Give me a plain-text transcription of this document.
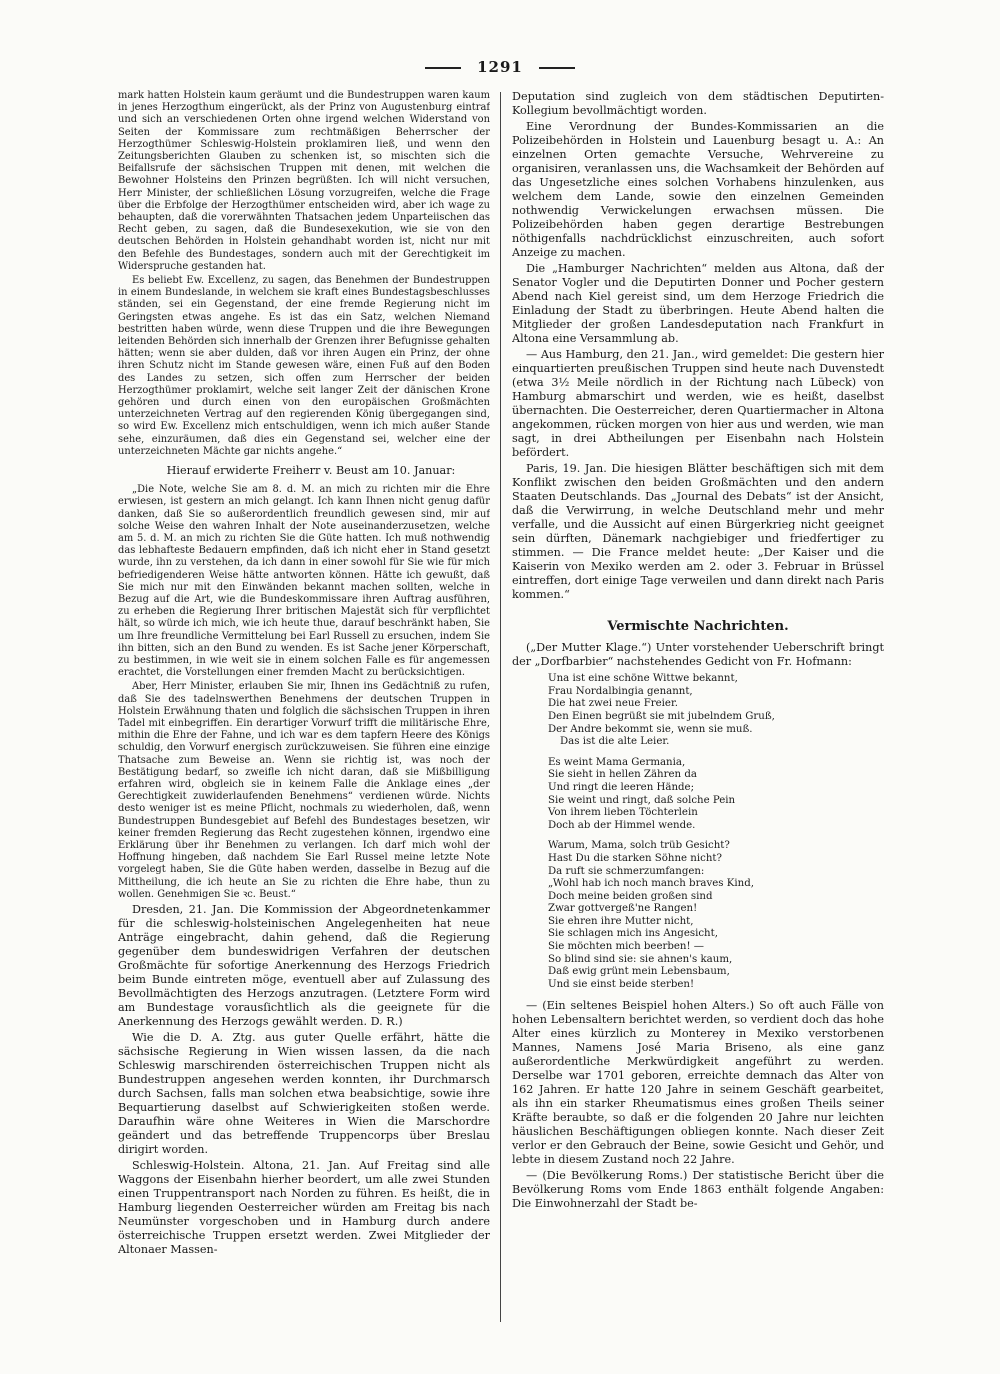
1291

mark hatten Holstein kaum geräumt und die Bundestruppen waren kaum in jenes Herzogthum eingerückt, als der Prinz von Augustenburg eintraf und sich an verschiedenen Orten ohne irgend welchen Widerstand von Seiten der Kommissare zum rechtmäßigen Beherrscher der Herzogthümer Schleswig-Holstein proklamiren ließ, und wenn den Zeitungsberichten Glauben zu schenken ist, so mischten sich die Beifallsrufe der sächsischen Truppen mit denen, mit welchen die Bewohner Holsteins den Prinzen begrüßten. Ich will nicht versuchen, Herr Minister, der schließlichen Lösung vorzugreifen, welche die Frage über die Erbfolge der Herzogthümer entscheiden wird, aber ich wage zu behaupten, daß die vorerwähnten Thatsachen jedem Unparteiischen das Recht geben, zu sagen, daß die Bundesexekution, wie sie von den deutschen Behörden in Holstein gehandhabt worden ist, nicht nur mit den Befehle des Bundestages, sondern auch mit der Gerechtigkeit im Widerspruche gestanden hat.

Es beliebt Ew. Excellenz, zu sagen, das Benehmen der Bundestruppen in einem Bundeslande, in welchem sie kraft eines Bundestagsbeschlusses ständen, sei ein Gegenstand, der eine fremde Regierung nicht im Geringsten etwas angehe. Es ist das ein Satz, welchen Niemand bestritten haben würde, wenn diese Truppen und die ihre Bewegungen leitenden Behörden sich innerhalb der Grenzen ihrer Befugnisse gehalten hätten; wenn sie aber dulden, daß vor ihren Augen ein Prinz, der ohne ihren Schutz nicht im Stande gewesen wäre, einen Fuß auf den Boden des Landes zu setzen, sich offen zum Herrscher der beiden Herzogthümer proklamirt, welche seit langer Zeit der dänischen Krone gehören und durch einen von den europäischen Großmächten unterzeichneten Vertrag auf den regierenden König übergegangen sind, so wird Ew. Excellenz mich entschuldigen, wenn ich mich außer Stande sehe, einzuräumen, daß dies ein Gegenstand sei, welcher eine der unterzeichneten Mächte gar nichts angehe.“

Hierauf erwiderte Freiherr v. Beust am 10. Januar:

„Die Note, welche Sie am 8. d. M. an mich zu richten mir die Ehre erwiesen, ist gestern an mich gelangt. Ich kann Ihnen nicht genug dafür danken, daß Sie so außerordentlich freundlich gewesen sind, mir auf solche Weise den wahren Inhalt der Note auseinanderzusetzen, welche am 5. d. M. an mich zu richten Sie die Güte hatten. Ich muß nothwendig das lebhafteste Bedauern empfinden, daß ich nicht eher in Stand gesetzt wurde, ihn zu verstehen, da ich dann in einer sowohl für Sie wie für mich befriedigenderen Weise hätte antworten können. Hätte ich gewußt, daß Sie mich nur mit den Einwänden bekannt machen sollten, welche in Bezug auf die Art, wie die Bundeskommissare ihren Auftrag ausführen, zu erheben die Regierung Ihrer britischen Majestät sich für verpflichtet hält, so würde ich mich, wie ich heute thue, darauf beschränkt haben, Sie um Ihre freundliche Vermittelung bei Earl Russell zu ersuchen, indem Sie ihn bitten, sich an den Bund zu wenden. Es ist Sache jener Körperschaft, zu bestimmen, in wie weit sie in einem solchen Falle es für angemessen erachtet, die Vorstellungen einer fremden Macht zu berücksichtigen.

Aber, Herr Minister, erlauben Sie mir, Ihnen ins Gedächtniß zu rufen, daß Sie des tadelnswerthen Benehmens der deutschen Truppen in Holstein Erwähnung thaten und folglich die sächsischen Truppen in ihren Tadel mit einbegriffen. Ein derartiger Vorwurf trifft die militärische Ehre, mithin die Ehre der Fahne, und ich war es dem tapfern Heere des Königs schuldig, den Vorwurf energisch zurückzuweisen. Sie führen eine einzige Thatsache zum Beweise an. Wenn sie richtig ist, was noch der Bestätigung bedarf, so zweifle ich nicht daran, daß sie Mißbilligung erfahren wird, obgleich sie in keinem Falle die Anklage eines „der Gerechtigkeit zuwiderlaufenden Benehmens“ verdienen würde. Nichts desto weniger ist es meine Pflicht, nochmals zu wiederholen, daß, wenn Bundestruppen Bundesgebiet auf Befehl des Bundestages besetzen, wir keiner fremden Regierung das Recht zugestehen können, irgendwo eine Erklärung über ihr Benehmen zu verlangen. Ich darf mich wohl der Hoffnung hingeben, daß nachdem Sie Earl Russel meine letzte Note vorgelegt haben, Sie die Güte haben werden, dasselbe in Bezug auf die Mittheilung, die ich heute an Sie zu richten die Ehre habe, thun zu wollen. Genehmigen Sie ꝛc. Beust.“

Dresden, 21. Jan. Die Kommission der Abgeordnetenkammer für die schleswig-holsteinischen Angelegenheiten hat neue Anträge eingebracht, dahin gehend, daß die Regierung gegenüber dem bundeswidrigen Verfahren der deutschen Großmächte für sofortige Anerkennung des Herzogs Friedrich beim Bunde eintreten möge, eventuell aber auf Zulassung des Bevollmächtigten des Herzogs anzutragen. (Letztere Form wird am Bundestage vorausſichtlich als die geeignete für die Anerkennung des Herzogs gewählt werden. D. R.)

Wie die D. A. Ztg. aus guter Quelle erfährt, hätte die sächsische Regierung in Wien wissen lassen, da die nach Schleswig marschirenden österreichischen Truppen nicht als Bundestruppen angesehen werden konnten, ihr Durchmarsch durch Sachsen, falls man solchen etwa beabsichtige, sowie ihre Bequartierung daselbst auf Schwierigkeiten stoßen werde. Daraufhin wäre ohne Weiteres in Wien die Marschordre geändert und das betreffende Truppencorps über Breslau dirigirt worden.

Schleswig-Holstein. Altona, 21. Jan. Auf Freitag sind alle Waggons der Eisenbahn hierher beordert, um alle zwei Stunden einen Truppentransport nach Norden zu führen. Es heißt, die in Hamburg liegenden Oesterreicher würden am Freitag bis nach Neumünster vorgeschoben und in Hamburg durch andere österreichische Truppen ersetzt werden. Zwei Mitglieder der Altonaer Massen-

Deputation sind zugleich von dem städtischen Deputirten-Kollegium bevollmächtigt worden.

Eine Verordnung der Bundes-Kommissarien an die Polizeibehörden in Holstein und Lauenburg besagt u. A.: An einzelnen Orten gemachte Versuche, Wehrvereine zu organisiren, veranlassen uns, die Wachsamkeit der Behörden auf das Ungesetzliche eines solchen Vorhabens hinzulenken, aus welchem dem Lande, sowie den einzelnen Gemeinden nothwendig Verwickelungen erwachsen müssen. Die Polizeibehörden haben gegen derartige Bestrebungen nöthigenfalls nachdrücklichst einzuschreiten, auch sofort Anzeige zu machen.

Die „Hamburger Nachrichten“ melden aus Altona, daß der Senator Vogler und die Deputirten Donner und Pocher gestern Abend nach Kiel gereist sind, um dem Herzoge Friedrich die Einladung der Stadt zu überbringen. Heute Abend halten die Mitglieder der großen Landesdeputation nach Frankfurt in Altona eine Versammlung ab.

— Aus Hamburg, den 21. Jan., wird gemeldet: Die gestern hier einquartierten preußischen Truppen sind heute nach Duvenstedt (etwa 3½ Meile nördlich in der Richtung nach Lübeck) von Hamburg abmarschirt und werden, wie es heißt, daselbst übernachten. Die Oesterreicher, deren Quartiermacher in Altona angekommen, rücken morgen von hier aus und werden, wie man sagt, in drei Abtheilungen per Eisenbahn nach Holstein befördert.

Paris, 19. Jan. Die hiesigen Blätter beschäftigen sich mit dem Konflikt zwischen den beiden Großmächten und den andern Staaten Deutschlands. Das „Journal des Debats“ ist der Ansicht, daß die Verwirrung, in welche Deutschland mehr und mehr verfalle, und die Aussicht auf einen Bürgerkrieg nicht geeignet sein dürften, Dänemark nachgiebiger und friedfertiger zu stimmen. — Die France meldet heute: „Der Kaiser und die Kaiserin von Mexiko werden am 2. oder 3. Februar in Brüssel eintreffen, dort einige Tage verweilen und dann direkt nach Paris kommen.“

Vermischte Nachrichten.

(„Der Mutter Klage.“) Unter vorstehender Ueberschrift bringt der „Dorfbarbier“ nachstehendes Gedicht von Fr. Hofmann:

Una ist eine schöne Wittwe bekannt,
Frau Nordalbingia genannt,
Die hat zwei neue Freier.
Den Einen begrüßt sie mit jubelndem Gruß,
Der Andre bekommt sie, wenn sie muß.
Das ist die alte Leier.
Es weint Mama Germania,
Sie sieht in hellen Zähren da
Und ringt die leeren Hände;
Sie weint und ringt, daß solche Pein
Von ihrem lieben Töchterlein
Doch ab der Himmel wende.
Warum, Mama, solch trüb Gesicht?
Hast Du die starken Söhne nicht?
Da ruft sie schmerzumfangen:
„Wohl hab ich noch manch braves Kind,
Doch meine beiden großen sind
Zwar gottvergeß'ne Rangen!
Sie ehren ihre Mutter nicht,
Sie schlagen mich ins Angesicht,
Sie möchten mich beerben! —
So blind sind sie: sie ahnen's kaum,
Daß ewig grünt mein Lebensbaum,
Und sie einst beide sterben!

— (Ein seltenes Beispiel hohen Alters.) So oft auch Fälle von hohen Lebensaltern berichtet werden, so verdient doch das hohe Alter eines kürzlich zu Monterey in Mexiko verstorbenen Mannes, Namens José Maria Briseno, als eine ganz außerordentliche Merkwürdigkeit angeführt zu werden. Derselbe war 1701 geboren, erreichte demnach das Alter von 162 Jahren. Er hatte 120 Jahre in seinem Geschäft gearbeitet, als ihn ein starker Rheumatismus eines großen Theils seiner Kräfte beraubte, so daß er die folgenden 20 Jahre nur leichten häuslichen Beschäftigungen obliegen konnte. Nach dieser Zeit verlor er den Gebrauch der Beine, sowie Gesicht und Gehör, und lebte in diesem Zustand noch 22 Jahre.

— (Die Bevölkerung Roms.) Der statistische Bericht über die Bevölkerung Roms vom Ende 1863 enthält folgende Angaben: Die Einwohnerzahl der Stadt be-
